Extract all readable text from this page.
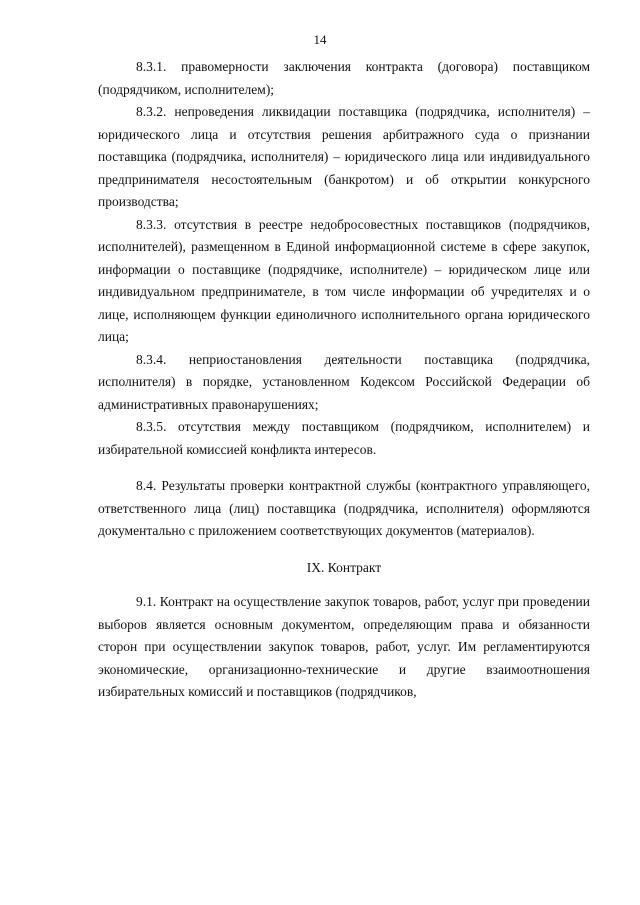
14

8.3.1. правомерности заключения контракта (договора) поставщиком (подрядчиком, исполнителем);

8.3.2. непроведения ликвидации поставщика (подрядчика, исполнителя) – юридического лица и отсутствия решения арбитражного суда о признании поставщика (подрядчика, исполнителя) – юридического лица или индивидуального предпринимателя несостоятельным (банкротом) и об открытии конкурсного производства;

8.3.3. отсутствия в реестре недобросовестных поставщиков (подрядчиков, исполнителей), размещенном в Единой информационной системе в сфере закупок, информации о поставщике (подрядчике, исполнителе) – юридическом лице или индивидуальном предпринимателе, в том числе информации об учредителях и о лице, исполняющем функции единоличного исполнительного органа юридического лица;

8.3.4. неприостановления деятельности поставщика (подрядчика, исполнителя) в порядке, установленном Кодексом Российской Федерации об административных правонарушениях;

8.3.5. отсутствия между поставщиком (подрядчиком, исполнителем) и избирательной комиссией конфликта интересов.

8.4. Результаты проверки контрактной службы (контрактного управляющего, ответственного лица (лиц) поставщика (подрядчика, исполнителя) оформляются документально с приложением соответствующих документов (материалов).

IX. Контракт

9.1. Контракт на осуществление закупок товаров, работ, услуг при проведении выборов является основным документом, определяющим права и обязанности сторон при осуществлении закупок товаров, работ, услуг. Им регламентируются экономические, организационно-технические и другие взаимоотношения избирательных комиссий и поставщиков (подрядчиков,
